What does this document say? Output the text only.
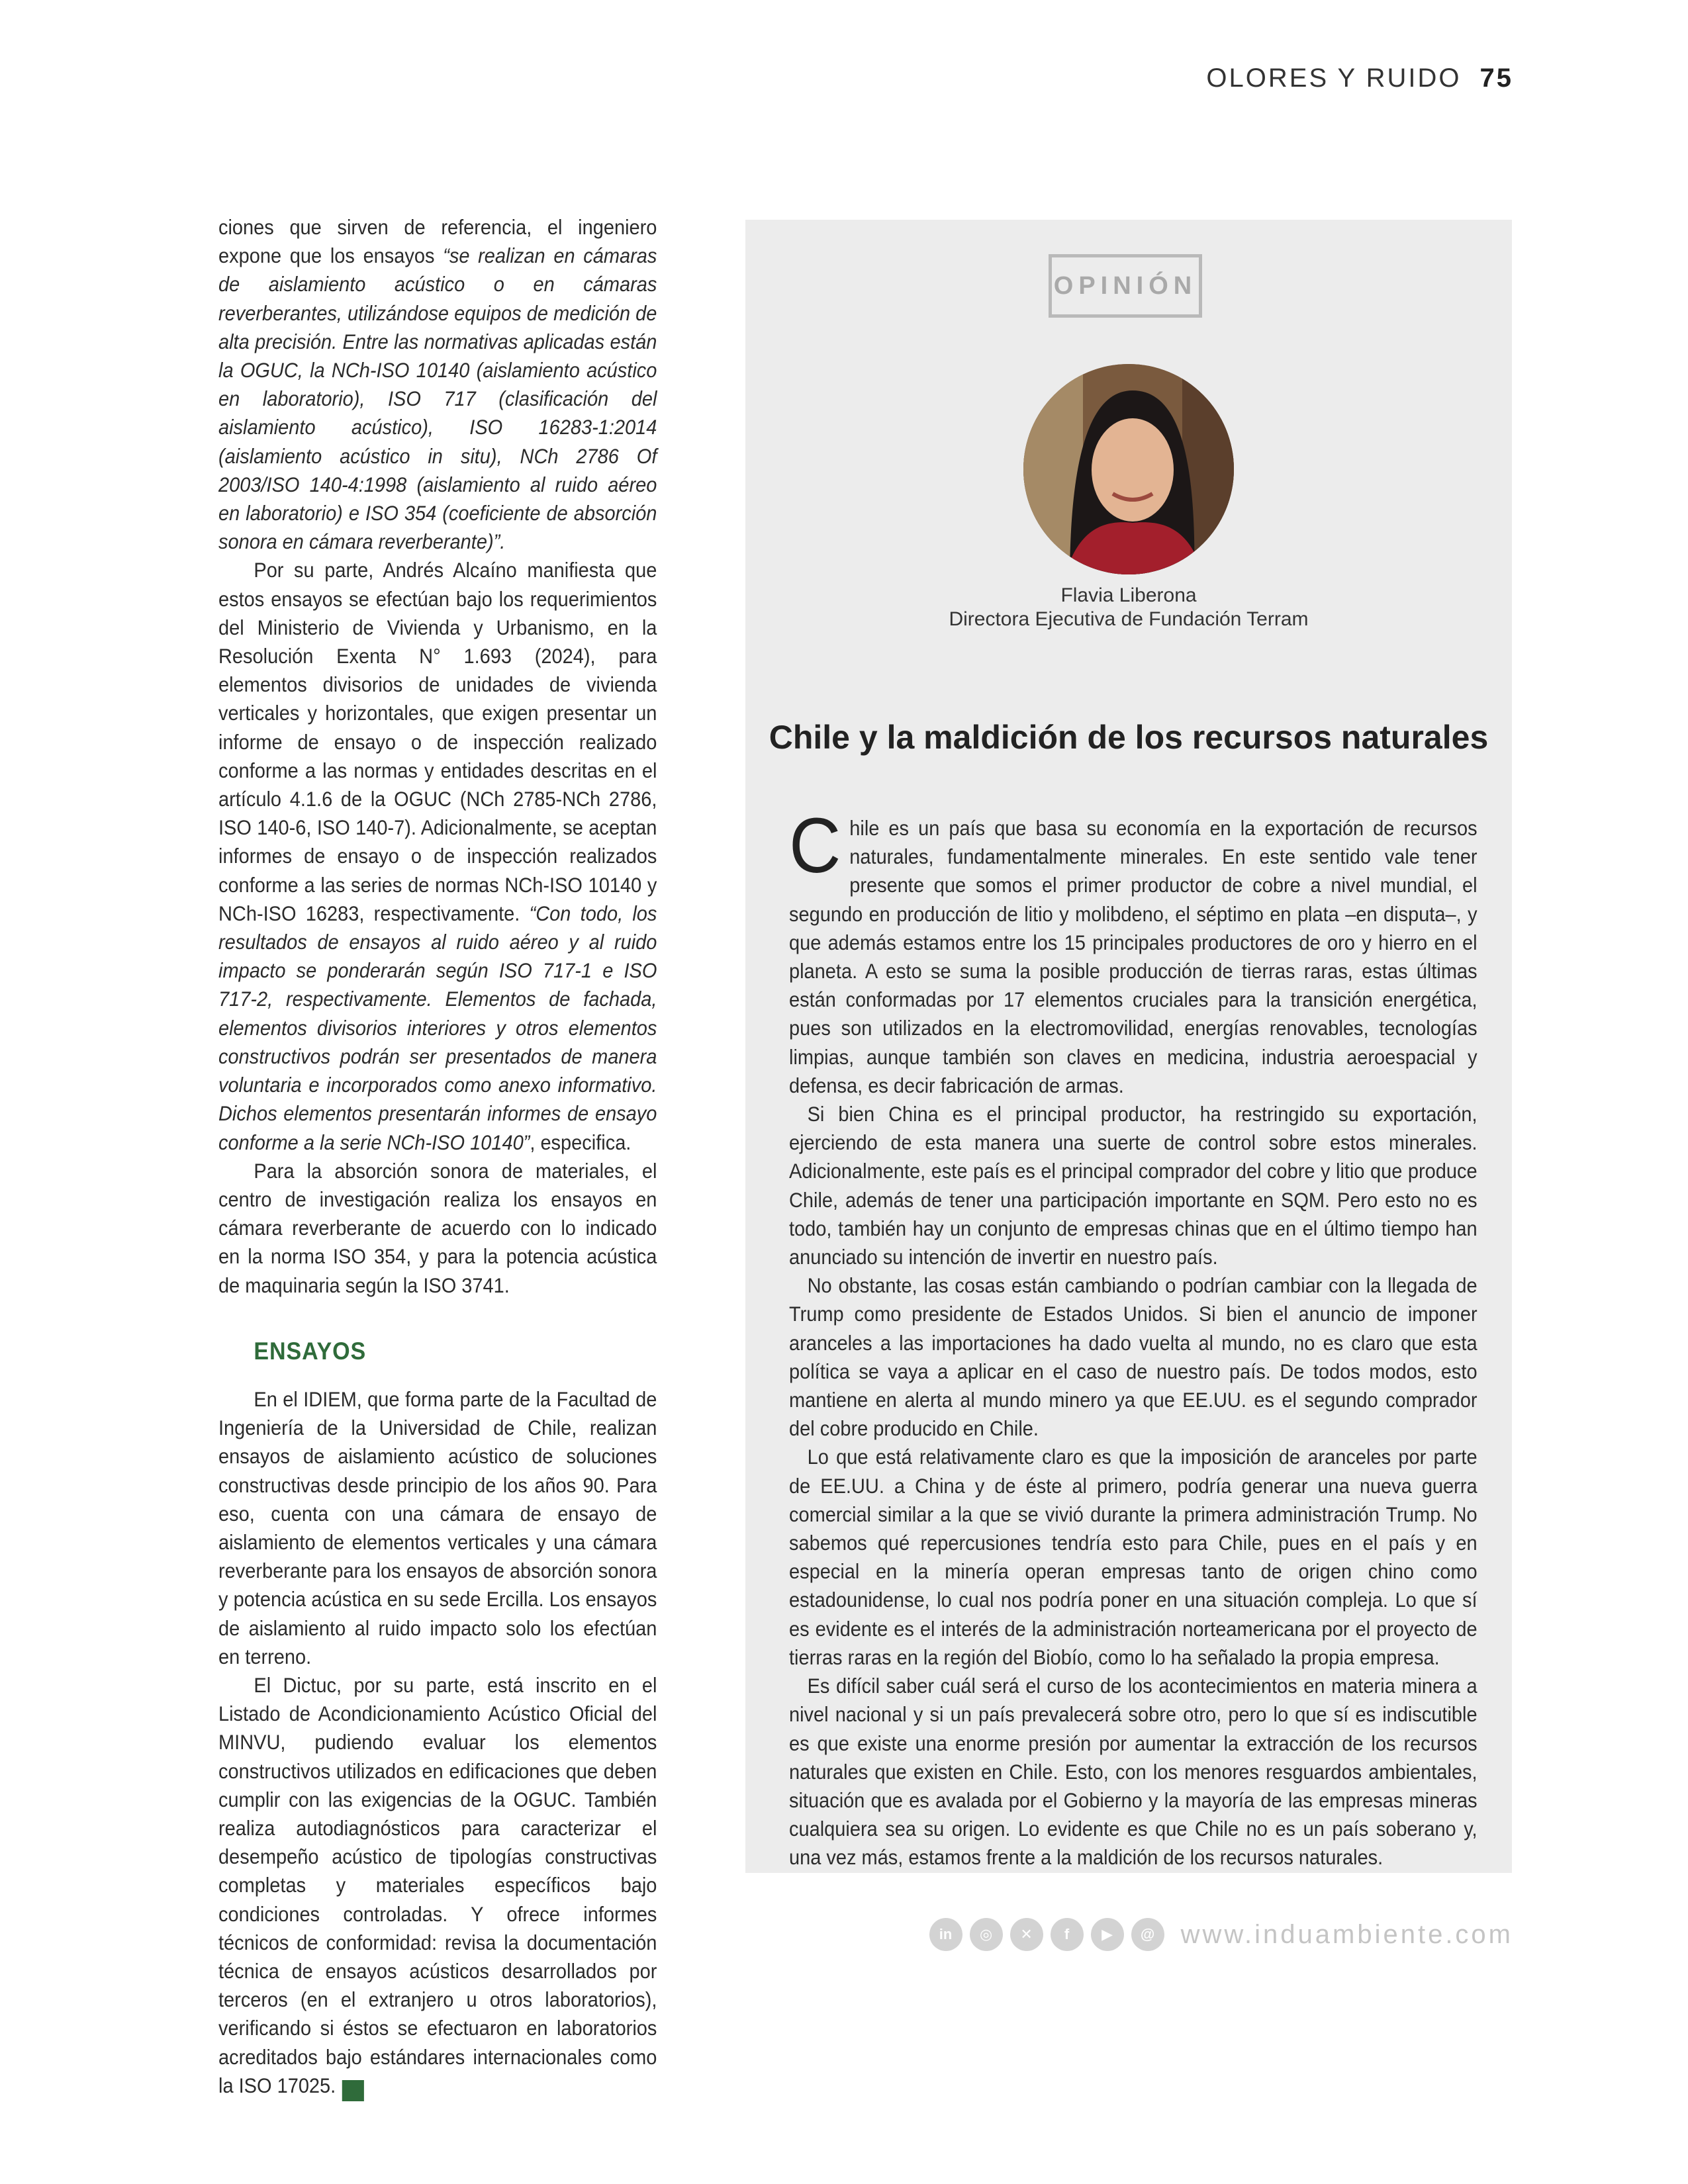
OLORES Y RUIDO 75

ciones que sirven de referencia, el ingeniero expone que los ensayos “se realizan en cámaras de aislamiento acústico o en cámaras reverberantes, utilizándose equipos de medición de alta precisión. Entre las normativas aplicadas están la OGUC, la NCh-ISO 10140 (aislamiento acústico en laboratorio), ISO 717 (clasificación del aislamiento acústico), ISO 16283-1:2014 (aislamiento acústico in situ), NCh 2786 Of 2003/ISO 140-4:1998 (aislamiento al ruido aéreo en laboratorio) e ISO 354 (coeficiente de absorción sonora en cámara reverberante)”.

Por su parte, Andrés Alcaíno manifiesta que estos ensayos se efectúan bajo los requerimientos del Ministerio de Vivienda y Urbanismo, en la Resolución Exenta N° 1.693 (2024), para elementos divisorios de unidades de vivienda verticales y horizontales, que exigen presentar un informe de ensayo o de inspección realizado conforme a las normas y entidades descritas en el artículo 4.1.6 de la OGUC (NCh 2785-NCh 2786, ISO 140-6, ISO 140-7). Adicionalmente, se aceptan informes de ensayo o de inspección realizados conforme a las series de normas NCh-ISO 10140 y NCh-ISO 16283, respectivamente. “Con todo, los resultados de ensayos al ruido aéreo y al ruido impacto se ponderarán según ISO 717-1 e ISO 717-2, respectivamente. Elementos de fachada, elementos divisorios interiores y otros elementos constructivos podrán ser presentados de manera voluntaria e incorporados como anexo informativo. Dichos elementos presentarán informes de ensayo conforme a la serie NCh-ISO 10140”, especifica.

Para la absorción sonora de materiales, el centro de investigación realiza los ensayos en cámara reverberante de acuerdo con lo indicado en la norma ISO 354, y para la potencia acústica de maquinaria según la ISO 3741.

ENSAYOS

En el IDIEM, que forma parte de la Facultad de Ingeniería de la Universidad de Chile, realizan ensayos de aislamiento acústico de soluciones constructivas desde principio de los años 90. Para eso, cuenta con una cámara de ensayo de aislamiento de elementos verticales y una cámara reverberante para los ensayos de absorción sonora y potencia acústica en su sede Ercilla. Los ensayos de aislamiento al ruido impacto solo los efectúan en terreno.

El Dictuc, por su parte, está inscrito en el Listado de Acondicionamiento Acústico Oficial del MINVU, pudiendo evaluar los elementos constructivos utilizados en edificaciones que deben cumplir con las exigencias de la OGUC. También realiza autodiagnósticos para caracterizar el desempeño acústico de tipologías constructivas completas y materiales específicos bajo condiciones controladas. Y ofrece informes técnicos de conformidad: revisa la documentación técnica de ensayos acústicos desarrollados por terceros (en el extranjero u otros laboratorios), verificando si éstos se efectuaron en laboratorios acreditados bajo estándares internacionales como la ISO 17025.	IA

OPINIÓN
Flavia Liberona
Directora Ejecutiva de Fundación Terram
Chile y la maldición de los recursos naturales

Chile es un país que basa su economía en la exportación de recursos naturales, fundamentalmente minerales. En este sentido vale tener presente que somos el primer productor de cobre a nivel mundial, el segundo en producción de litio y molibdeno, el séptimo en plata –en disputa–, y que además estamos entre los 15 principales productores de oro y hierro en el planeta. A esto se suma la posible producción de tierras raras, estas últimas están conformadas por 17 elementos cruciales para la transición energética, pues son utilizados en la electromovilidad, energías renovables, tecnologías limpias, aunque también son claves en medicina, industria aeroespacial y defensa, es decir fabricación de armas.

Si bien China es el principal productor, ha restringido su exportación, ejerciendo de esta manera una suerte de control sobre estos minerales. Adicionalmente, este país es el principal comprador del cobre y litio que produce Chile, además de tener una participación importante en SQM. Pero esto no es todo, también hay un conjunto de empresas chinas que en el último tiempo han anunciado su intención de invertir en nuestro país.

No obstante, las cosas están cambiando o podrían cambiar con la llegada de Trump como presidente de Estados Unidos. Si bien el anuncio de imponer aranceles a las importaciones ha dado vuelta al mundo, no es claro que esta política se vaya a aplicar en el caso de nuestro país. De todos modos, esto mantiene en alerta al mundo minero ya que EE.UU. es el segundo comprador del cobre producido en Chile.

Lo que está relativamente claro es que la imposición de aranceles por parte de EE.UU. a China y de éste al primero, podría generar una nueva guerra comercial similar a la que se vivió durante la primera administración Trump. No sabemos qué repercusiones tendría esto para Chile, pues en el país y en especial en la minería operan empresas tanto de origen chino como estadounidense, lo cual nos podría poner en una situación compleja. Lo que sí es evidente es el interés de la administración norteamericana por el proyecto de tierras raras en la región del Biobío, como lo ha señalado la propia empresa.

Es difícil saber cuál será el curso de los acontecimientos en materia minera a nivel nacional y si un país prevalecerá sobre otro, pero lo que sí es indiscutible es que existe una enorme presión por aumentar la extracción de los recursos naturales que existen en Chile. Esto, con los menores resguardos ambientales, situación que es avalada por el Gobierno y la mayoría de las empresas mineras cualquiera sea su origen. Lo evidente es que Chile no es un país soberano y, una vez más, estamos frente a la maldición de los recursos naturales.

in	◎	✕	f	▶	@ www.induambiente.com
